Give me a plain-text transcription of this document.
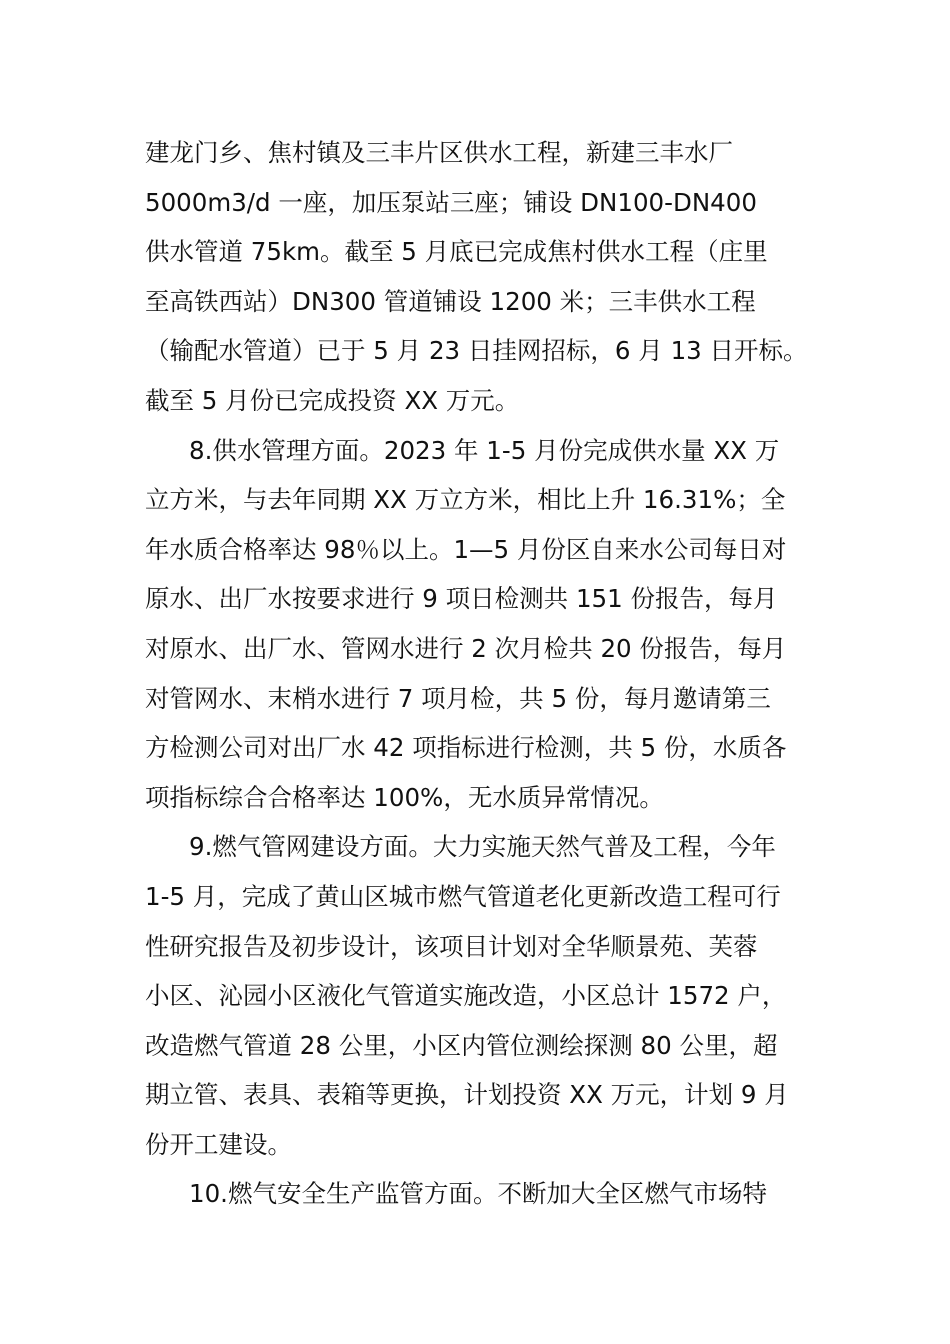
建龙门乡、焦村镇及三丰片区供水工程，新建三丰水厂
5000m3/d 一座，加压泵站三座；铺设 DN100-DN400
供水管道 75km。截至 5 月底已完成焦村供水工程（庄里
至高铁西站）DN300 管道铺设 1200 米；三丰供水工程
（输配水管道）已于 5 月 23 日挂网招标，6 月 13 日开标。
截至 5 月份已完成投资 XX 万元。
8.供水管理方面。2023 年 1-5 月份完成供水量 XX 万
立方米，与去年同期 XX 万立方米，相比上升 16.31%；全
年水质合格率达 98％以上。1—5 月份区自来水公司每日对
原水、出厂水按要求进行 9 项日检测共 151 份报告，每月
对原水、出厂水、管网水进行 2 次月检共 20 份报告，每月
对管网水、末梢水进行 7 项月检，共 5 份，每月邀请第三
方检测公司对出厂水 42 项指标进行检测，共 5 份，水质各
项指标综合合格率达 100%，无水质异常情况。
9.燃气管网建设方面。大力实施天然气普及工程，今年
1-5 月，完成了黄山区城市燃气管道老化更新改造工程可行
性研究报告及初步设计，该项目计划对全华顺景苑、芙蓉
小区、沁园小区液化气管道实施改造，小区总计 1572 户，
改造燃气管道 28 公里，小区内管位测绘探测 80 公里，超
期立管、表具、表箱等更换，计划投资 XX 万元，计划 9 月
份开工建设。
10.燃气安全生产监管方面。不断加大全区燃气市场特
